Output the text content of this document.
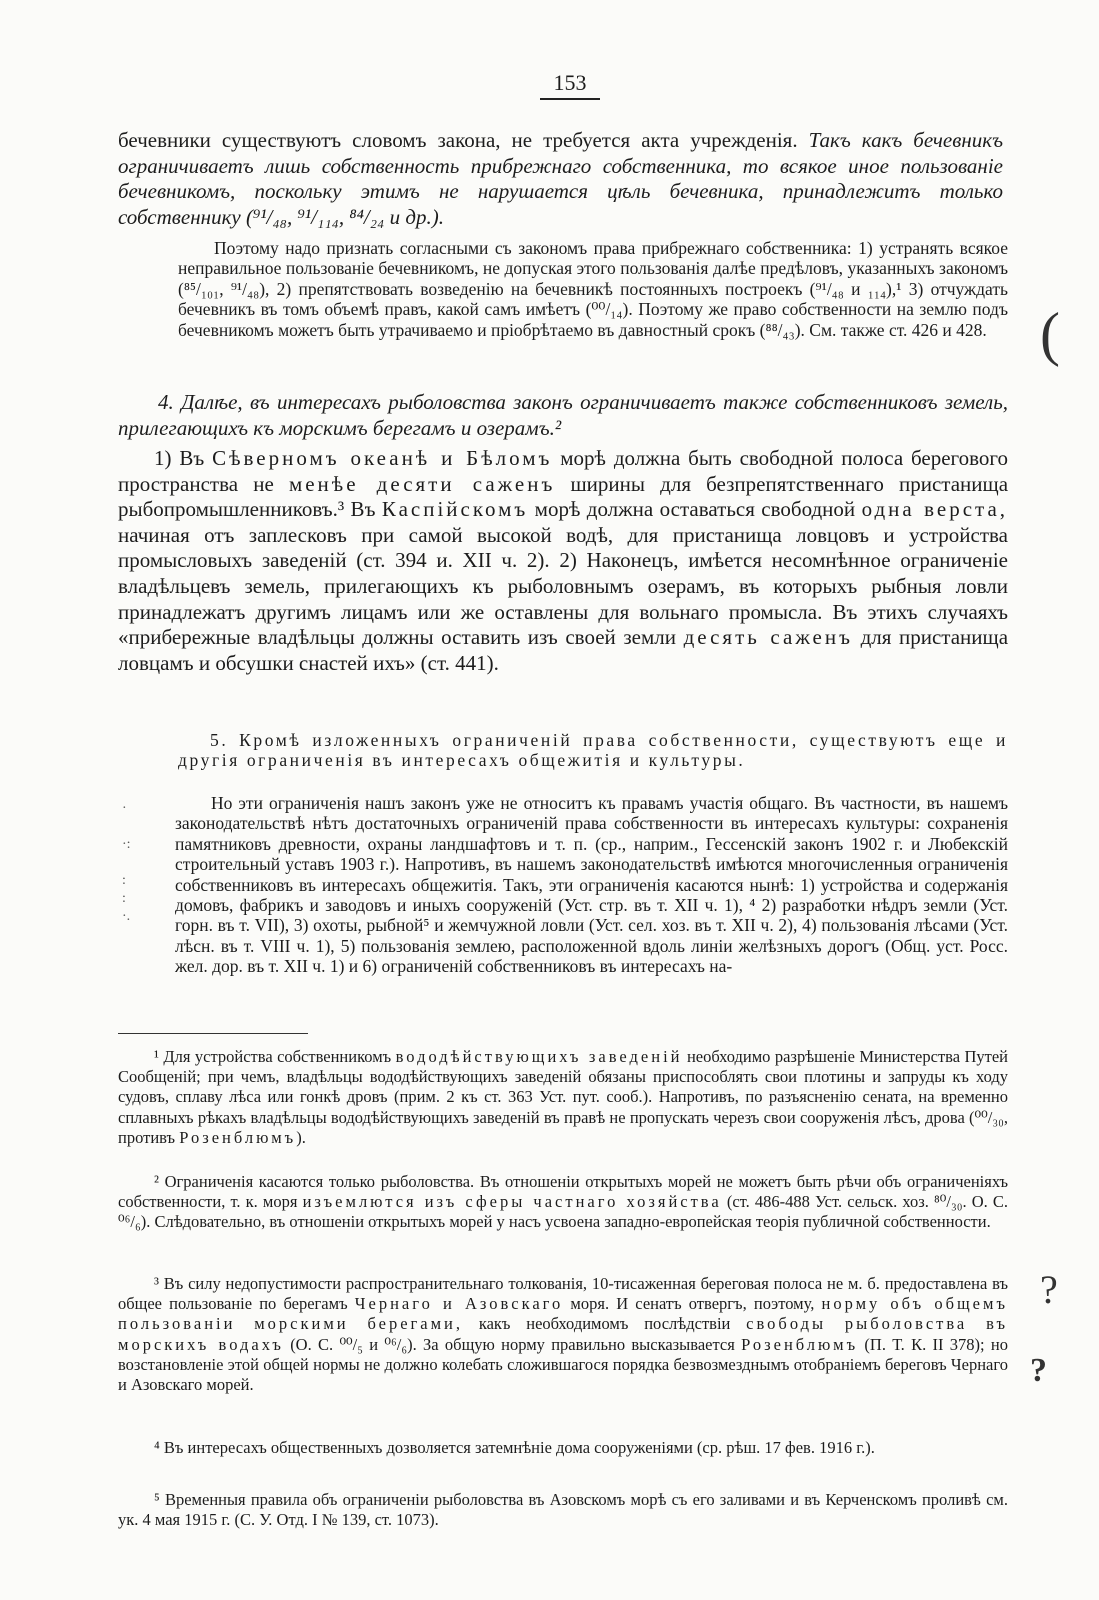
153
бечевники существуютъ словомъ закона, не требуется акта учрежденія. Такъ какъ бечевникъ ограничиваетъ лишь собственность прибрежнаго собственника, то всякое иное пользованіе бечевникомъ, поскольку этимъ не нарушается цѣль бечевника, принадлежитъ только собственнику (⁹¹/₄₈, ⁹¹/₁₁₄, ⁸⁴/₂₄ и др.).
Поэтому надо признать согласными съ закономъ права прибрежнаго собственника: 1) устранять всякое неправильное пользованіе бечевникомъ, не допуская этого пользованія далѣе предѣловъ, указанныхъ закономъ (⁸⁵/₁₀₁, ⁹¹/₄₈), 2) препятствовать возведенію на бечевникѣ постоянныхъ построекъ (⁹¹/₄₈ и ₁₁₄),¹ 3) отчуждать бечевникъ въ томъ объемѣ правъ, какой самъ имѣетъ (⁰⁰/₁₄). Поэтому же право собственности на землю подъ бечевникомъ можетъ быть утрачиваемо и пріобрѣтаемо въ давностный срокъ (⁸⁸/₄₃). См. также ст. 426 и 428. (
4. Далѣе, въ интересахъ рыболовства законъ ограничиваетъ также собственниковъ земель, прилегающихъ къ морскимъ берегамъ и озерамъ.²
1) Въ Сѣверномъ океанѣ и Бѣломъ морѣ должна быть свободной полоса берегового пространства не менѣе десяти саженъ ширины для безпрепятственнаго пристанища рыбопромышленниковъ.³ Въ Каспійскомъ морѣ должна оставаться свободной одна верста, начиная отъ заплесковъ при самой высокой водѣ, для пристанища ловцовъ и устройства промысловыхъ заведеній (ст. 394 и. XII ч. 2). 2) Наконецъ, имѣется несомнѣнное ограниченіе владѣльцевъ земель, прилегающихъ къ рыболовнымъ озерамъ, въ которыхъ рыбныя ловли принадлежатъ другимъ лицамъ или же оставлены для вольнаго промысла. Въ этихъ случаяхъ «прибережные владѣльцы должны оставить изъ своей земли десять саженъ для пристанища ловцамъ и обсушки снастей ихъ» (ст. 441).
5. Кромѣ изложенныхъ ограниченій права собственности, существуютъ еще и другія ограниченія въ интересахъ общежитія и культуры.
·

·:

:
:
·.
Но эти ограниченія нашъ законъ уже не относитъ къ правамъ участія общаго. Въ частности, въ нашемъ законодательствѣ нѣтъ достаточныхъ ограниченій права собственности въ интересахъ культуры: сохраненія памятниковъ древности, охраны ландшафтовъ и т. п. (ср., наприм., Гессенскій законъ 1902 г. и Любекскій строительный уставъ 1903 г.). Напротивъ, въ нашемъ законодательствѣ имѣются многочисленныя ограниченія собственниковъ въ интересахъ общежитія. Такъ, эти ограниченія касаются нынѣ: 1) устройства и содержанія домовъ, фабрикъ и заводовъ и иныхъ сооруженій (Уст. стр. въ т. XII ч. 1), ⁴ 2) разработки нѣдръ земли (Уст. горн. въ т. VII), 3) охоты, рыбной⁵ и жемчужной ловли (Уст. сел. хоз. въ т. XII ч. 2), 4) пользованія лѣсами (Уст. лѣсн. въ т. VIII ч. 1), 5) пользованія землею, расположенной вдоль линіи желѣзныхъ дорогъ (Общ. уст. Росс. жел. дор. въ т. XII ч. 1) и 6) ограниченій собственниковъ въ интересахъ на-
¹ Для устройства собственникомъ вододѣйствующихъ заведеній необходимо разрѣшеніе Министерства Путей Сообщеній; при чемъ, владѣльцы вододѣйствующихъ заведеній обязаны приспособлять свои плотины и запруды къ ходу судовъ, сплаву лѣса или гонкѣ дровъ (прим. 2 къ ст. 363 Уст. пут. сооб.). Напротивъ, по разъясненію сената, на временно сплавныхъ рѣкахъ владѣльцы вододѣйствующихъ заведеній въ правѣ не пропускать черезъ свои сооруженія лѣсъ, дрова (⁰⁰/₃₀, противъ Розенблюмъ).
² Ограниченія касаются только рыболовства. Въ отношеніи открытыхъ морей не можетъ быть рѣчи объ ограниченіяхъ собственности, т. к. моря изъемлются изъ сферы частнаго хозяйства (ст. 486-488 Уст. сельск. хоз. ⁸⁰/₃₀. О. С. ⁰⁶/₆). Слѣдовательно, въ отношеніи открытыхъ морей у насъ усвоена западно-европейская теорія публичной собственности.
³ Въ силу недопустимости распространительнаго толкованія, 10-тисаженная береговая полоса не м. б. предоставлена въ общее пользованіе по берегамъ Чернаго и Азовскаго моря. И сенатъ отвергъ, поэтому, норму объ общемъ пользованіи морскими берегами, какъ необходимомъ послѣдствіи свободы рыболовства въ морскихъ водахъ (О. С. ⁰⁰/₅ и ⁰⁶/₆). За общую норму правильно высказывается Розенблюмъ (П. Т. К. II 378); но возстановленіе этой общей нормы не должно колебать сложившагося порядка безвозмезднымъ отобраніемъ береговъ Чернаго и Азовскаго морей.
?
?
⁴ Въ интересахъ общественныхъ дозволяется затемнѣніе дома сооруженіями (ср. рѣш. 17 фев. 1916 г.).
⁵ Временныя правила объ ограниченіи рыболовства въ Азовскомъ морѣ съ его заливами и въ Керченскомъ проливѣ см. ук. 4 мая 1915 г. (С. У. Отд. I № 139, ст. 1073).
